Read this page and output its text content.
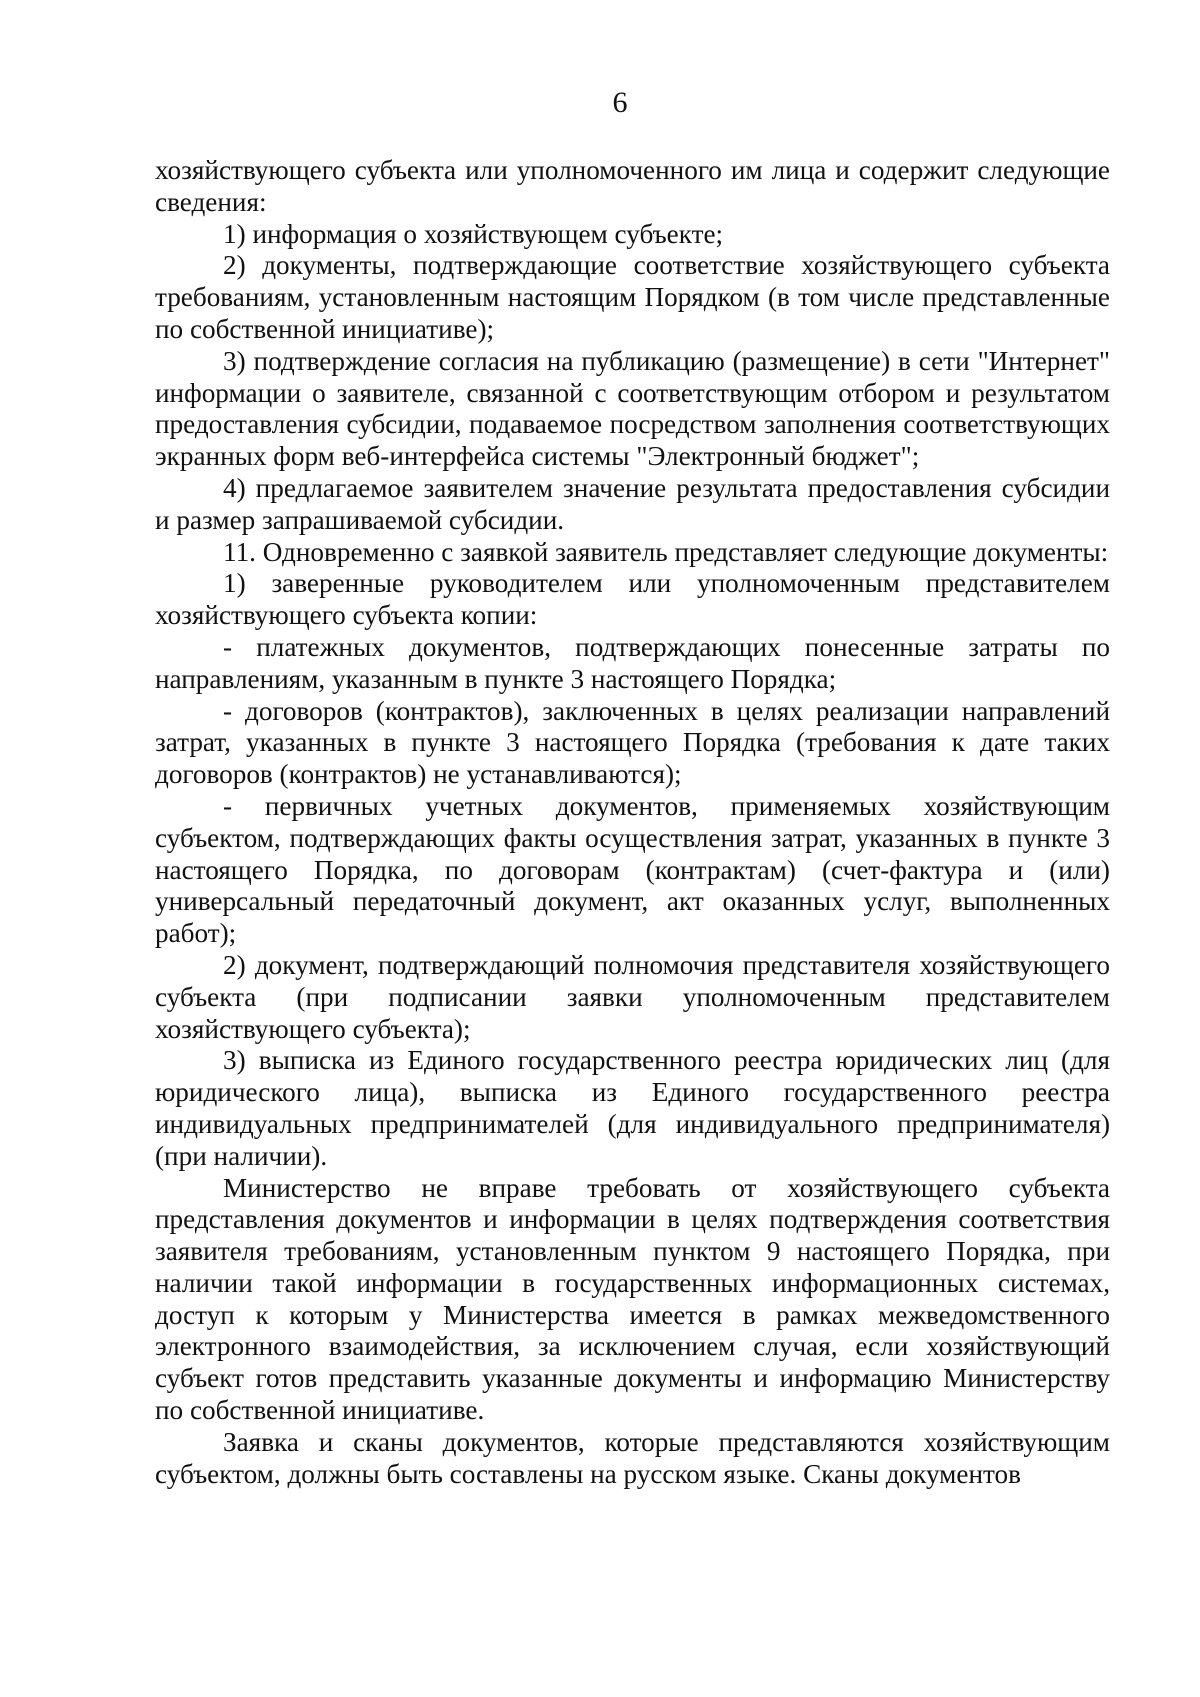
6

хозяйствующего субъекта или уполномоченного им лица и содержит следующие сведения:

1) информация о хозяйствующем субъекте;

2) документы, подтверждающие соответствие хозяйствующего субъекта требованиям, установленным настоящим Порядком (в том числе представленные по собственной инициативе);

3) подтверждение согласия на публикацию (размещение) в сети "Интернет" информации о заявителе, связанной с соответствующим отбором и результатом предоставления субсидии, подаваемое посредством заполнения соответствующих экранных форм веб-интерфейса системы "Электронный бюджет";

4) предлагаемое заявителем значение результата предоставления субсидии и размер запрашиваемой субсидии.

11. Одновременно с заявкой заявитель представляет следующие документы:

1) заверенные руководителем или уполномоченным представителем хозяйствующего субъекта копии:

- платежных документов, подтверждающих понесенные затраты по направлениям, указанным в пункте 3 настоящего Порядка;

- договоров (контрактов), заключенных в целях реализации направлений затрат, указанных в пункте 3 настоящего Порядка (требования к дате таких договоров (контрактов) не устанавливаются);

- первичных учетных документов, применяемых хозяйствующим субъектом, подтверждающих факты осуществления затрат, указанных в пункте 3 настоящего Порядка, по договорам (контрактам) (счет-фактура и (или) универсальный передаточный документ, акт оказанных услуг, выполненных работ);

2) документ, подтверждающий полномочия представителя хозяйствующего субъекта (при подписании заявки уполномоченным представителем хозяйствующего субъекта);

3) выписка из Единого государственного реестра юридических лиц (для юридического лица), выписка из Единого государственного реестра индивидуальных предпринимателей (для индивидуального предпринимателя) (при наличии).

Министерство не вправе требовать от хозяйствующего субъекта представления документов и информации в целях подтверждения соответствия заявителя требованиям, установленным пунктом 9 настоящего Порядка, при наличии такой информации в государственных информационных системах, доступ к которым у Министерства имеется в рамках межведомственного электронного взаимодействия, за исключением случая, если хозяйствующий субъект готов представить указанные документы и информацию Министерству по собственной инициативе.

Заявка и сканы документов, которые представляются хозяйствующим субъектом, должны быть составлены на русском языке. Сканы документов
